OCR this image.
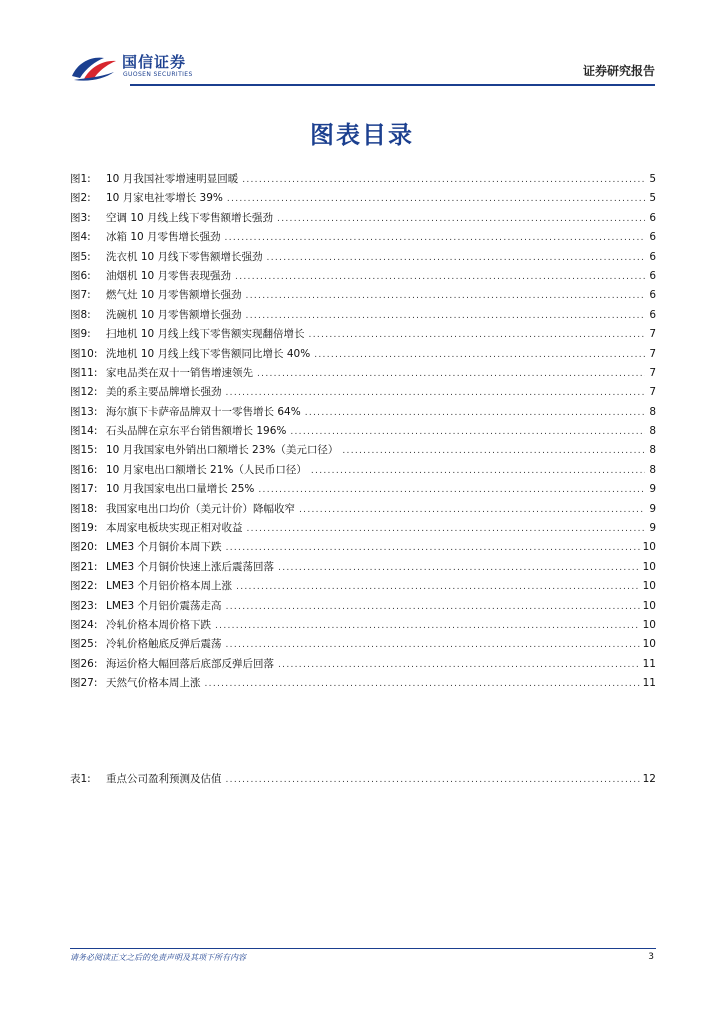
国信证券
GUOSEN SECURITIES	证券研究报告
图表目录
图1:	10 月我国社零增速明显回暖 .....	5
图2:	10 月家电社零增长 39% .....	5
图3:	空调 10 月线上线下零售额增长强劲 .....	6
图4:	冰箱 10 月零售增长强劲 .....	6
图5:	洗衣机 10 月线下零售额增长强劲 .....	6
图6:	油烟机 10 月零售表现强劲 .....	6
图7:	燃气灶 10 月零售额增长强劲 .....	6
图8:	洗碗机 10 月零售额增长强劲 .....	6
图9:	扫地机 10 月线上线下零售额实现翻倍增长 .....	7
图10: 洗地机 10 月线上线下零售额同比增长 40% .....	7
图11: 家电品类在双十一销售增速领先 .....	7
图12: 美的系主要品牌增长强劲 .....	7
图13: 海尔旗下卡萨帝品牌双十一零售增长 64% .....	8
图14: 石头品牌在京东平台销售额增长 196% .....	8
图15: 10 月我国家电外销出口额增长 23%（美元口径） .....	8
图16: 10 月家电出口额增长 21%（人民币口径） .....	8
图17: 10 月我国家电出口量增长 25% .....	9
图18: 我国家电出口均价（美元计价）降幅收窄 .....	9
图19: 本周家电板块实现正相对收益 .....	9
图20: LME3 个月铜价本周下跌 .....	10
图21: LME3 个月铜价快速上涨后震荡回落 .....	10
图22: LME3 个月铝价格本周上涨 .....	10
图23: LME3 个月铝价震荡走高 .....	10
图24: 冷轧价格本周价格下跌 .....	10
图25: 冷轧价格触底反弹后震荡 .....	10
图26: 海运价格大幅回落后底部反弹后回落 .....	11
图27: 天然气价格本周上涨 .....	11
表1:	重点公司盈利预测及估值 .....	12
请务必阅读正文之后的免责声明及其项下所有内容	3
